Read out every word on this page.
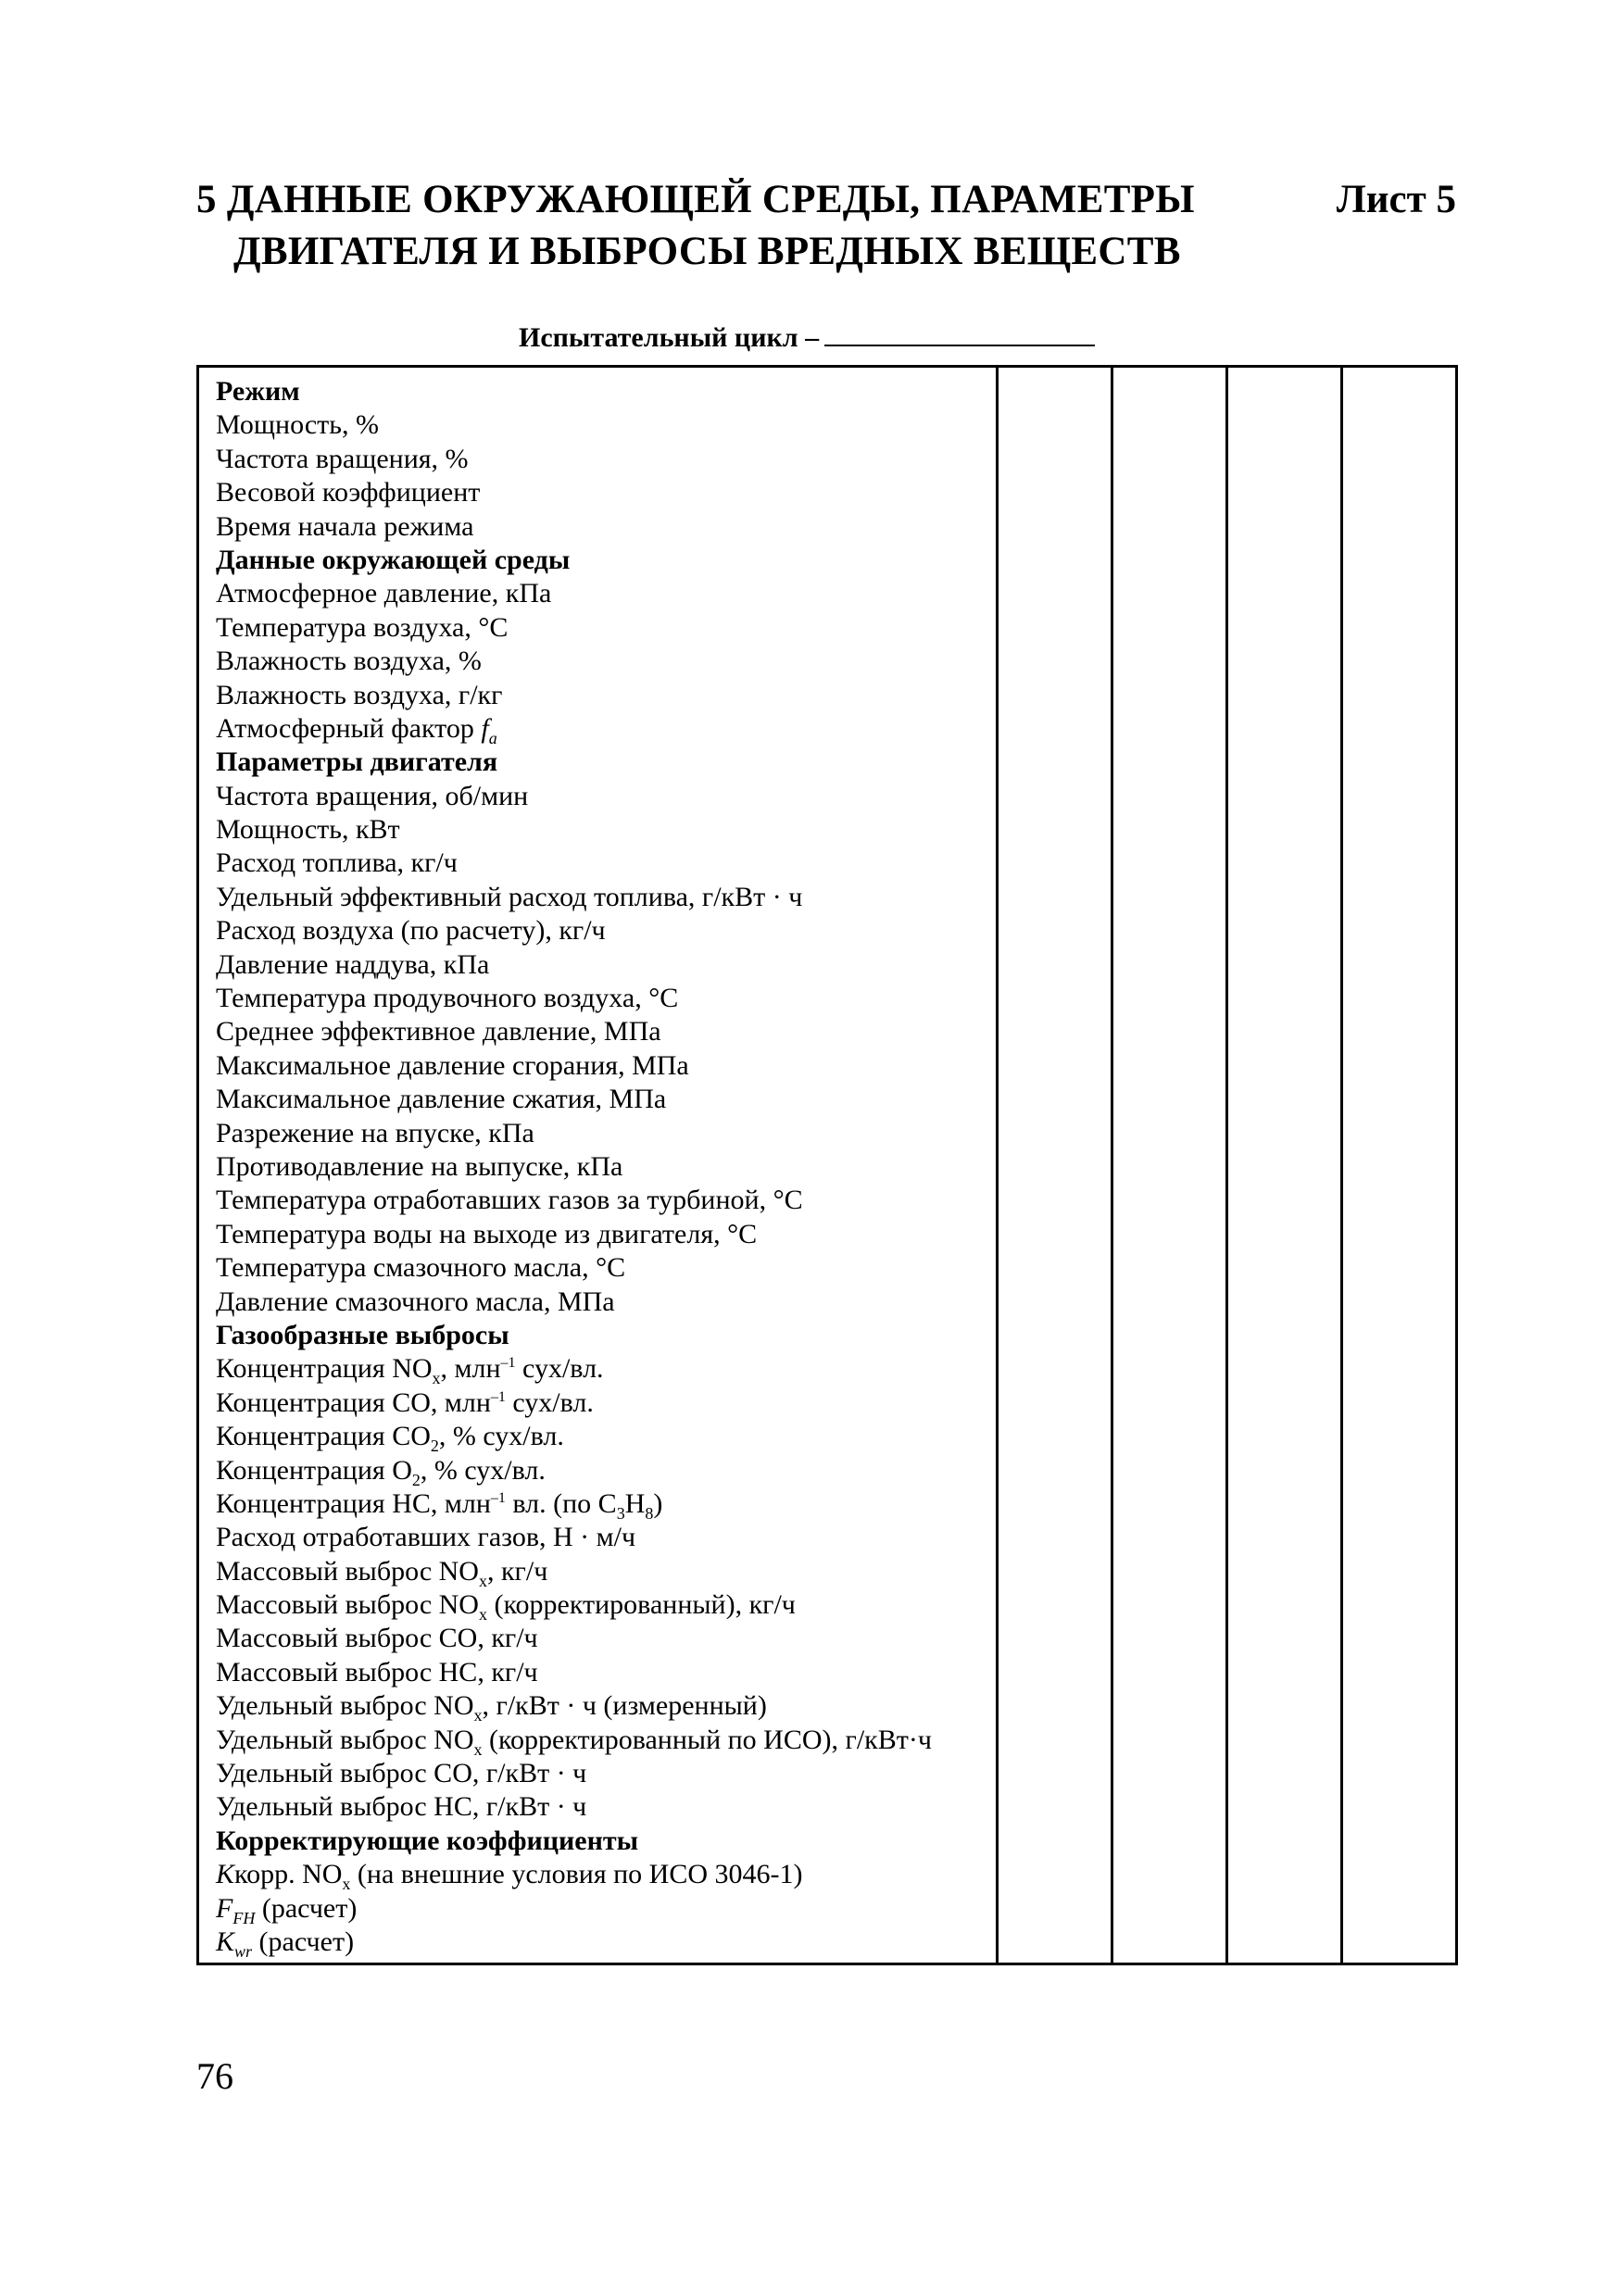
5 ДАННЫЕ ОКРУЖАЮЩЕЙ СРЕДЫ, ПАРАМЕТРЫ
ДВИГАТЕЛЯ И ВЫБРОСЫ ВРЕДНЫХ ВЕЩЕСТВ
Лист 5
Испытательный цикл –
Режим
Мощность, %
Частота вращения, %
Весовой коэффициент
Время начала режима
Данные окружающей среды
Атмосферное давление, кПа
Температура воздуха, °С
Влажность воздуха, %
Влажность воздуха, г/кг
Атмосферный фактор $f_a$
Параметры двигателя
Частота вращения, об/мин
Мощность, кВт
Расход топлива, кг/ч
Удельный эффективный расход топлива, г/кВт · ч
Расход воздуха (по расчету), кг/ч
Давление наддува, кПа
Температура продувочного воздуха, °С
Среднее эффективное давление, МПа
Максимальное давление сгорания, МПа
Максимальное давление сжатия, МПа
Разрежение на впуске, кПа
Противодавление на выпуске, кПа
Температура отработавших газов за турбиной, °С
Температура воды на выходе из двигателя, °С
Температура смазочного масла, °С
Давление смазочного масла, МПа
Газообразные выбросы
Концентрация $NO_x$, млн$^{-1}$ сух/вл.
Концентрация СО, млн$^{-1}$ сух/вл.
Концентрация $СО_2$, % сух/вл.
Концентрация $О_2$, % сух/вл.
Концентрация НС, млн$^{-1}$ вл. (по $С_3Н_8$)
Расход отработавших газов, Н · м/ч
Массовый выброс $NO_x$, кг/ч
Массовый выброс $NO_x$ (корректированный), кг/ч
Массовый выброс СО, кг/ч
Массовый выброс НС, кг/ч
Удельный выброс $NO_x$, г/кВт · ч (измеренный)
Удельный выброс $NO_x$ (корректированный по ИСО), г/кВт·ч
Удельный выброс СО, г/кВт · ч
Удельный выброс НС, г/кВт · ч
Корректирующие коэффициенты
Kкорр. $NO_x$ (на внешние условия по ИСО 3046-1)
$F_{FH}$ (расчет)
$K_{wr}$ (расчет)
76
